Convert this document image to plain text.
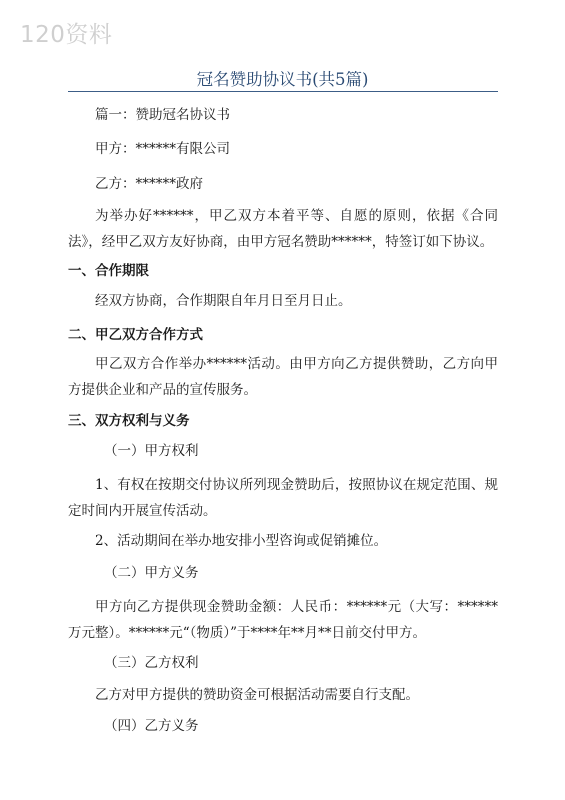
120资料
冠名赞助协议书(共5篇)
篇一：赞助冠名协议书
甲方：******有限公司
乙方：******政府
为举办好******，甲乙双方本着平等、自愿的原则，依据《合同法》，经甲乙双方友好协商，由甲方冠名赞助******，特签订如下协议。
一、合作期限
经双方协商，合作期限自年月日至月日止。
二、甲乙双方合作方式
甲乙双方合作举办******活动。由甲方向乙方提供赞助，乙方向甲方提供企业和产品的宣传服务。
三、双方权利与义务
（一）甲方权利
1、有权在按期交付协议所列现金赞助后，按照协议在规定范围、规定时间内开展宣传活动。
2、活动期间在举办地安排小型咨询或促销摊位。
（二）甲方义务
甲方向乙方提供现金赞助金额：人民币：******元（大写：******万元整）。******元“（物质）”于****年**月**日前交付甲方。
（三）乙方权利
乙方对甲方提供的赞助资金可根据活动需要自行支配。
（四）乙方义务
